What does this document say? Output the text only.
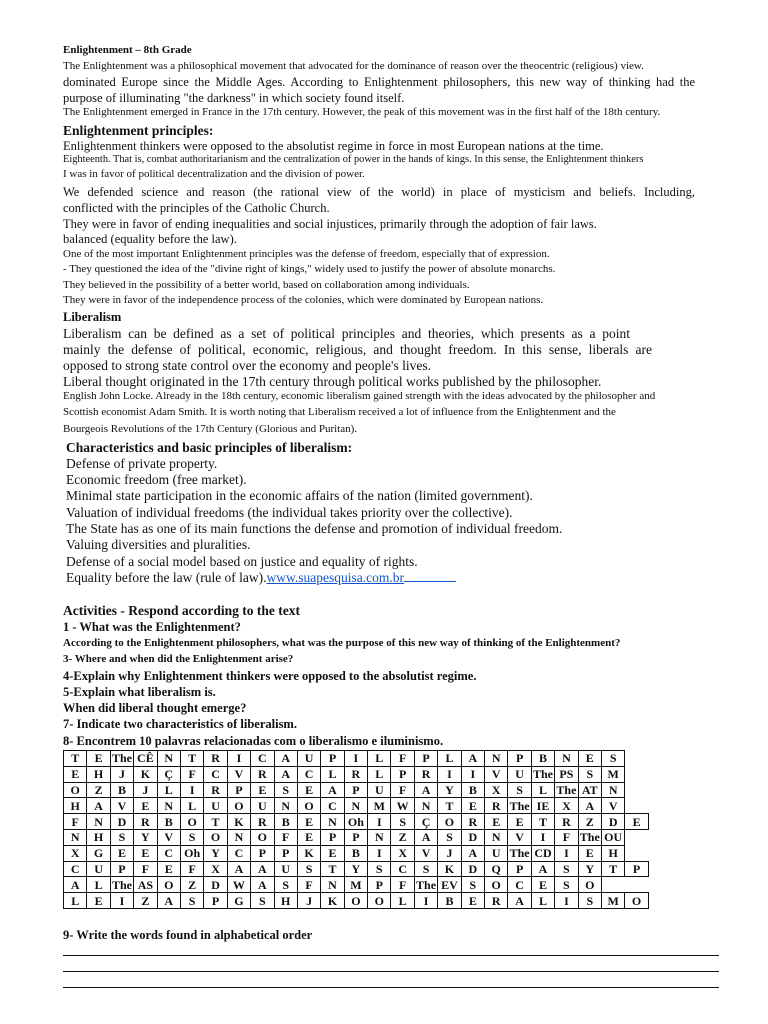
Enlightenment – 8th Grade
The Enlightenment was a philosophical movement that advocated for the dominance of reason over the theocentric (religious) view.
dominated Europe since the Middle Ages. According to Enlightenment philosophers, this new way of thinking had the
purpose of illuminating "the darkness" in which society found itself.
The Enlightenment emerged in France in the 17th century. However, the peak of this movement was in the first half of the 18th century.
Enlightenment principles:
Enlightenment thinkers were opposed to the absolutist regime in force in most European nations at the time.
Eighteenth. That is, combat authoritarianism and the centralization of power in the hands of kings. In this sense, the Enlightenment thinkers
I was in favor of political decentralization and the division of power.
We defended science and reason (the rational view of the world) in place of mysticism and beliefs. Including,
conflicted with the principles of the Catholic Church.
They were in favor of ending inequalities and social injustices, primarily through the adoption of fair laws.
balanced (equality before the law).
One of the most important Enlightenment principles was the defense of freedom, especially that of expression.
- They questioned the idea of the "divine right of kings," widely used to justify the power of absolute monarchs.
They believed in the possibility of a better world, based on collaboration among individuals.
They were in favor of the independence process of the colonies, which were dominated by European nations.
Liberalism
Liberalism can be defined as a set of political principles and theories, which presents as a point
mainly the defense of political, economic, religious, and thought freedom. In this sense, liberals are
opposed to strong state control over the economy and people's lives.
Liberal thought originated in the 17th century through political works published by the philosopher.
English John Locke. Already in the 18th century, economic liberalism gained strength with the ideas advocated by the philosopher and
Scottish economist Adam Smith. It is worth noting that Liberalism received a lot of influence from the Enlightenment and the
Bourgeois Revolutions of the 17th Century (Glorious and Puritan).
Characteristics and basic principles of liberalism:
Defense of private property.
Economic freedom (free market).
Minimal state participation in the economic affairs of the nation (limited government).
Valuation of individual freedoms (the individual takes priority over the collective).
The State has as one of its main functions the defense and promotion of individual freedom.
Valuing diversities and pluralities.
Defense of a social model based on justice and equality of rights.
Equality before the law (rule of law).www.suapesquisa.com.br
Activities - Respond according to the text
1 - What was the Enlightenment?
According to the Enlightenment philosophers, what was the purpose of this new way of thinking of the Enlightenment?
3- Where and when did the Enlightenment arise?
4-Explain why Enlightenment thinkers were opposed to the absolutist regime.
5-Explain what liberalism is.
When did liberal thought emerge?
7- Indicate two characteristics of liberalism.
8- Encontrem 10 palavras relacionadas com o liberalismo e iluminismo.
T	E	The	CÊ	N	T	R	I	C	A	U	P	I	L	F	P	L	A	N	P	B	N	E	S	
E	H	J	K	Ç	F	C	V	R	A	C	L	R	L	P	R	I	I	V	U	The	PS	S	M	
O	Z	B	J	L	I	R	P	E	S	E	A	P	U	F	A	Y	B	X	S	L	The	AT	N	
H	A	V	E	N	L	U	O	U	N	O	C	N	M	W	N	T	E	R	The	IE	X	A	V	
F	N	D	R	B	O	T	K	R	B	E	N	Oh	I	S	Ç	O	R	E	E	T	R	Z	D	E
N	H	S	Y	V	S	O	N	O	F	E	P	P	N	Z	A	S	D	N	V	I	F	The	OU	
X	G	E	E	C	Oh	Y	C	P	P	K	E	B	I	X	V	J	A	U	The	CD	I	E	H	
C	U	P	F	E	F	X	A	A	U	S	T	Y	S	C	S	K	D	Q	P	A	S	Y	T	P
A	L	The	AS	O	Z	D	W	A	S	F	N	M	P	F	The	EV	S	O	C	E	S	O		
L	E	I	Z	A	S	P	G	S	H	J	K	O	O	L	I	B	E	R	A	L	I	S	M	O
9- Write the words found in alphabetical order
